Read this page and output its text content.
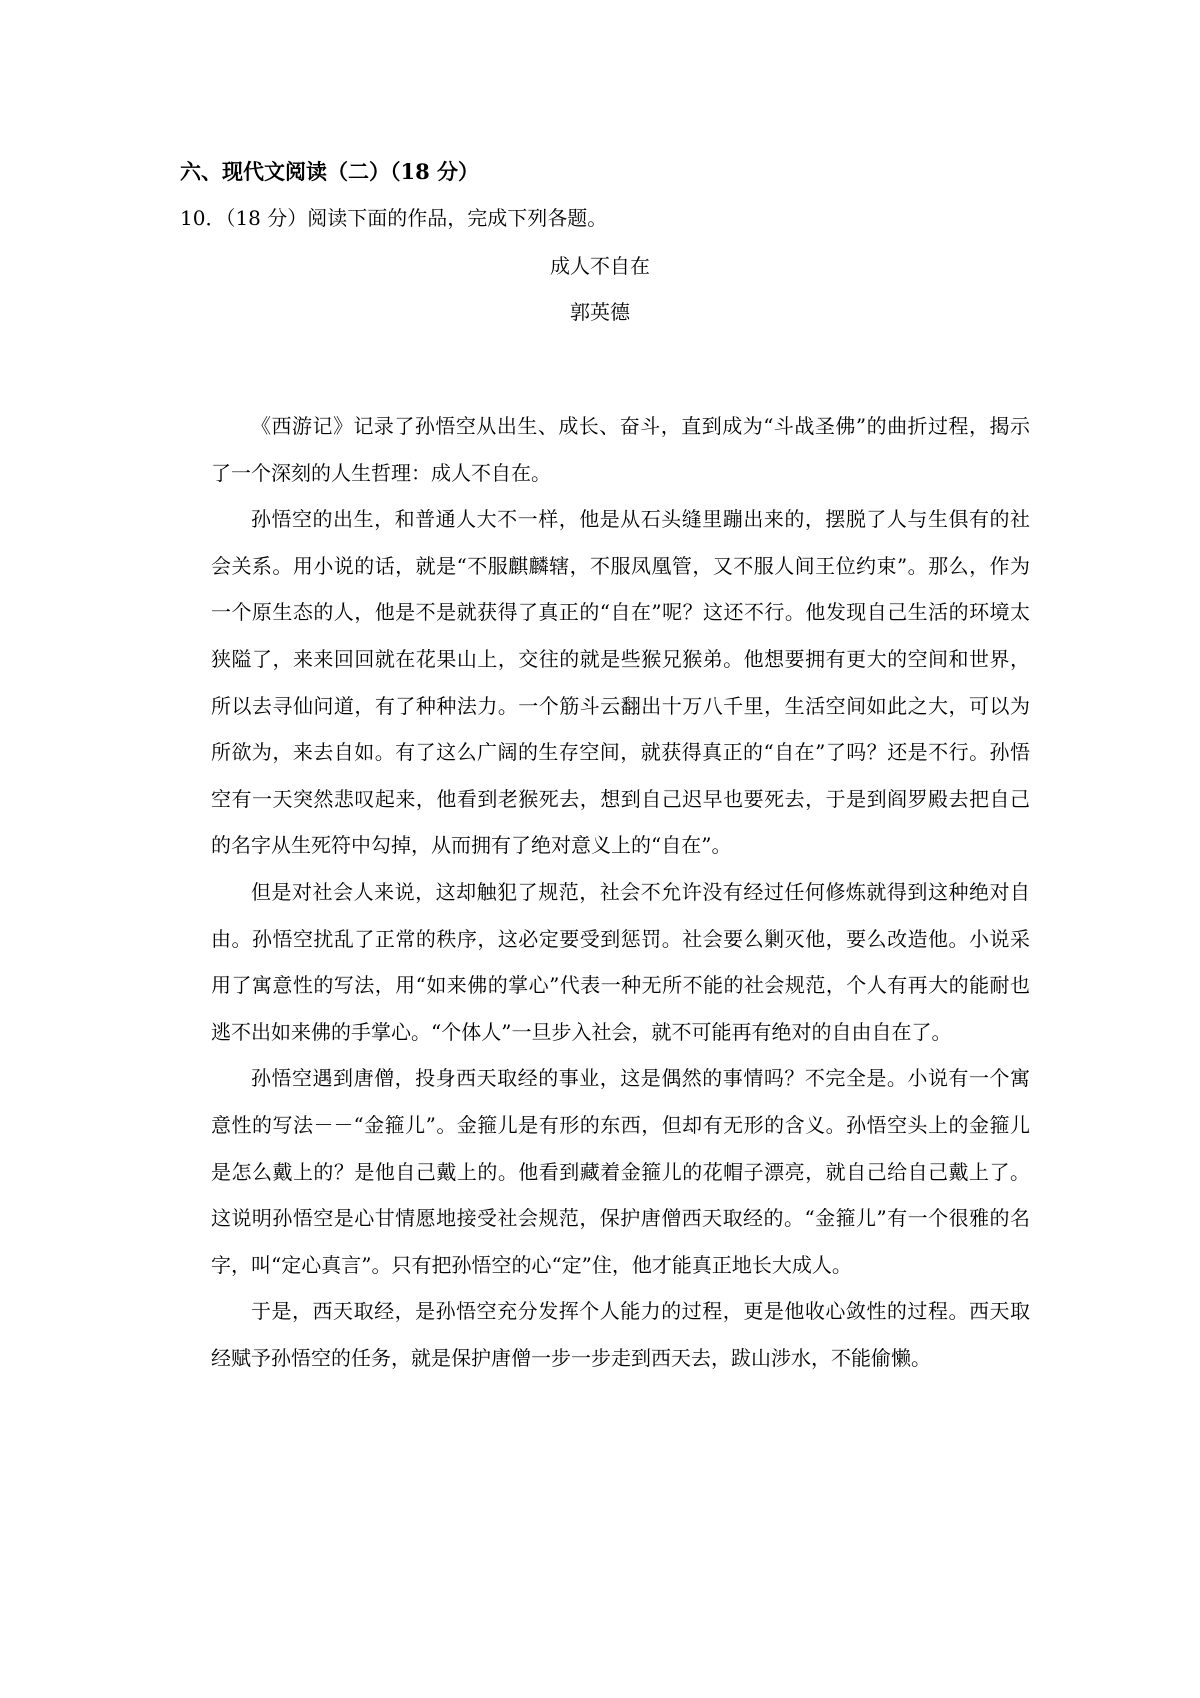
六、现代文阅读（二）（18 分）
10．（18 分）阅读下面的作品，完成下列各题。
成人不自在
郭英德

《西游记》记录了孙悟空从出生、成长、奋斗，直到成为“斗战圣佛”的曲折过程，揭示了一个深刻的人生哲理：成人不自在。

孙悟空的出生，和普通人大不一样，他是从石头缝里蹦出来的，摆脱了人与生俱有的社会关系。用小说的话，就是“不服麒麟辖，不服凤凰管，又不服人间王位约束”。那么，作为一个原生态的人，他是不是就获得了真正的“自在”呢？这还不行。他发现自己生活的环境太狭隘了，来来回回就在花果山上，交往的就是些猴兄猴弟。他想要拥有更大的空间和世界，所以去寻仙问道，有了种种法力。一个筋斗云翻出十万八千里，生活空间如此之大，可以为所欲为，来去自如。有了这么广阔的生存空间，就获得真正的“自在”了吗？还是不行。孙悟空有一天突然悲叹起来，他看到老猴死去，想到自己迟早也要死去，于是到阎罗殿去把自己的名字从生死符中勾掉，从而拥有了绝对意义上的“自在”。

但是对社会人来说，这却触犯了规范，社会不允许没有经过任何修炼就得到这种绝对自由。孙悟空扰乱了正常的秩序，这必定要受到惩罚。社会要么剿灭他，要么改造他。小说采用了寓意性的写法，用“如来佛的掌心”代表一种无所不能的社会规范，个人有再大的能耐也逃不出如来佛的手掌心。“个体人”一旦步入社会，就不可能再有绝对的自由自在了。

孙悟空遇到唐僧，投身西天取经的事业，这是偶然的事情吗？不完全是。小说有一个寓意性的写法－－“金箍儿”。金箍儿是有形的东西，但却有无形的含义。孙悟空头上的金箍儿是怎么戴上的？是他自己戴上的。他看到藏着金箍儿的花帽子漂亮，就自己给自己戴上了。这说明孙悟空是心甘情愿地接受社会规范，保护唐僧西天取经的。“金箍儿”有一个很雅的名字，叫“定心真言”。只有把孙悟空的心“定”住，他才能真正地长大成人。

于是，西天取经，是孙悟空充分发挥个人能力的过程，更是他收心敛性的过程。西天取经赋予孙悟空的任务，就是保护唐僧一步一步走到西天去，跋山涉水，不能偷懒。
